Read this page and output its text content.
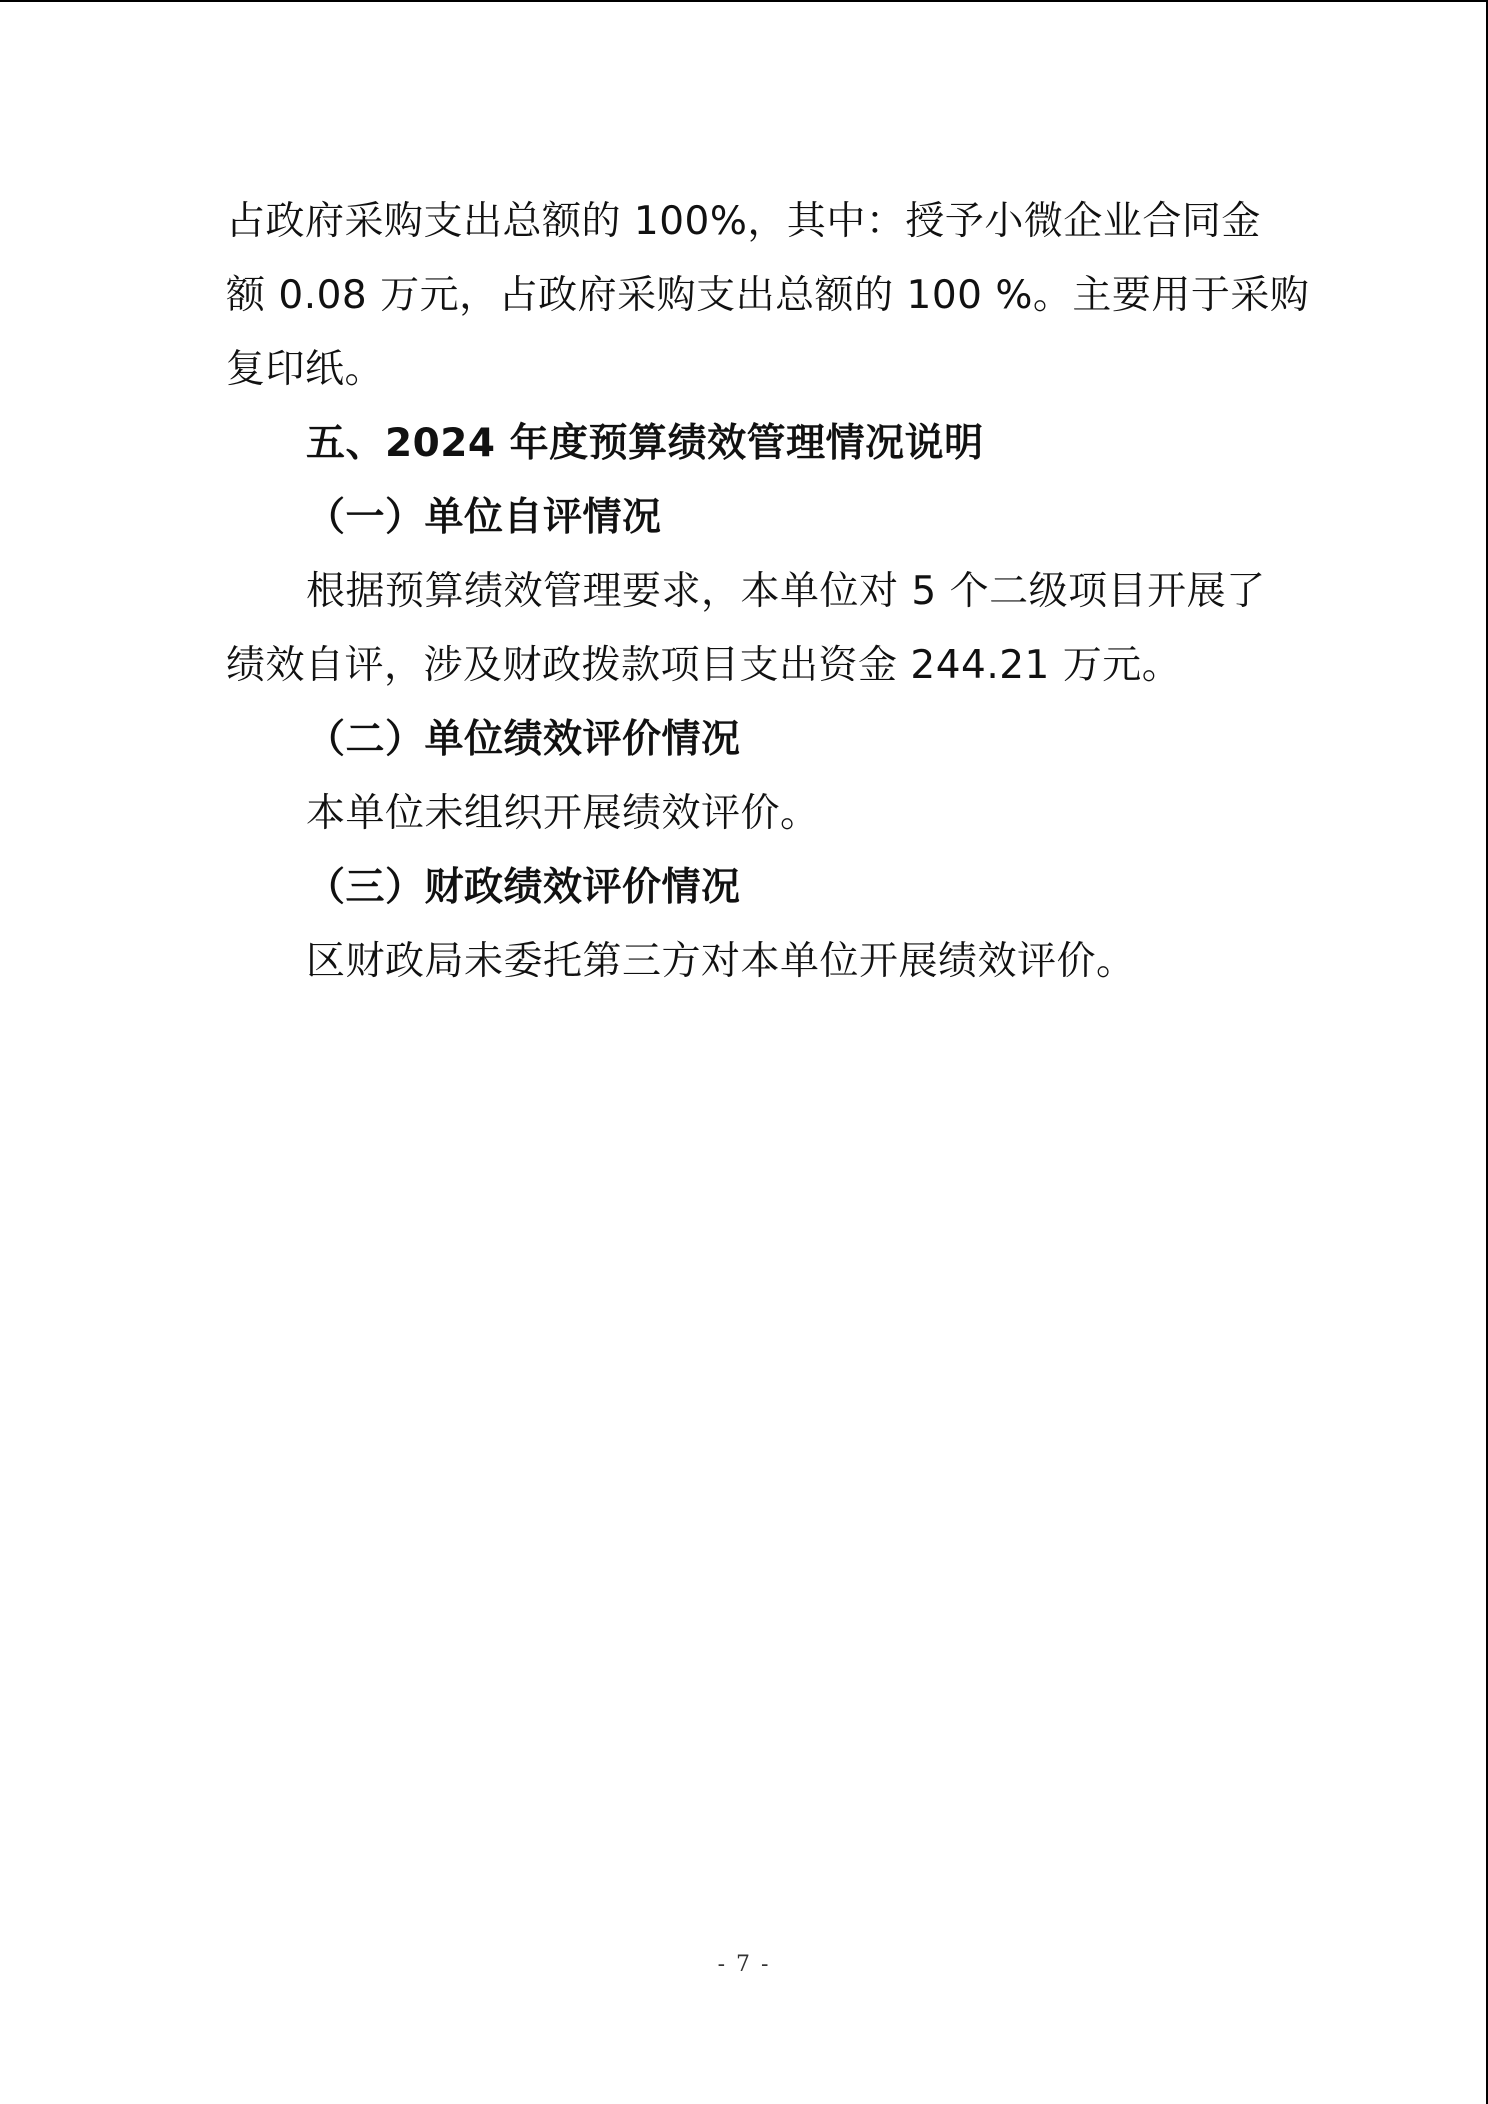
占政府采购支出总额的 100%，其中：授予小微企业合同金
额 0.08 万元，占政府采购支出总额的 100 %。主要用于采购
复印纸。
五、2024 年度预算绩效管理情况说明
（一）单位自评情况
根据预算绩效管理要求，本单位对 5 个二级项目开展了
绩效自评，涉及财政拨款项目支出资金 244.21 万元。
（二）单位绩效评价情况
本单位未组织开展绩效评价。
（三）财政绩效评价情况
区财政局未委托第三方对本单位开展绩效评价。
- 7 -
